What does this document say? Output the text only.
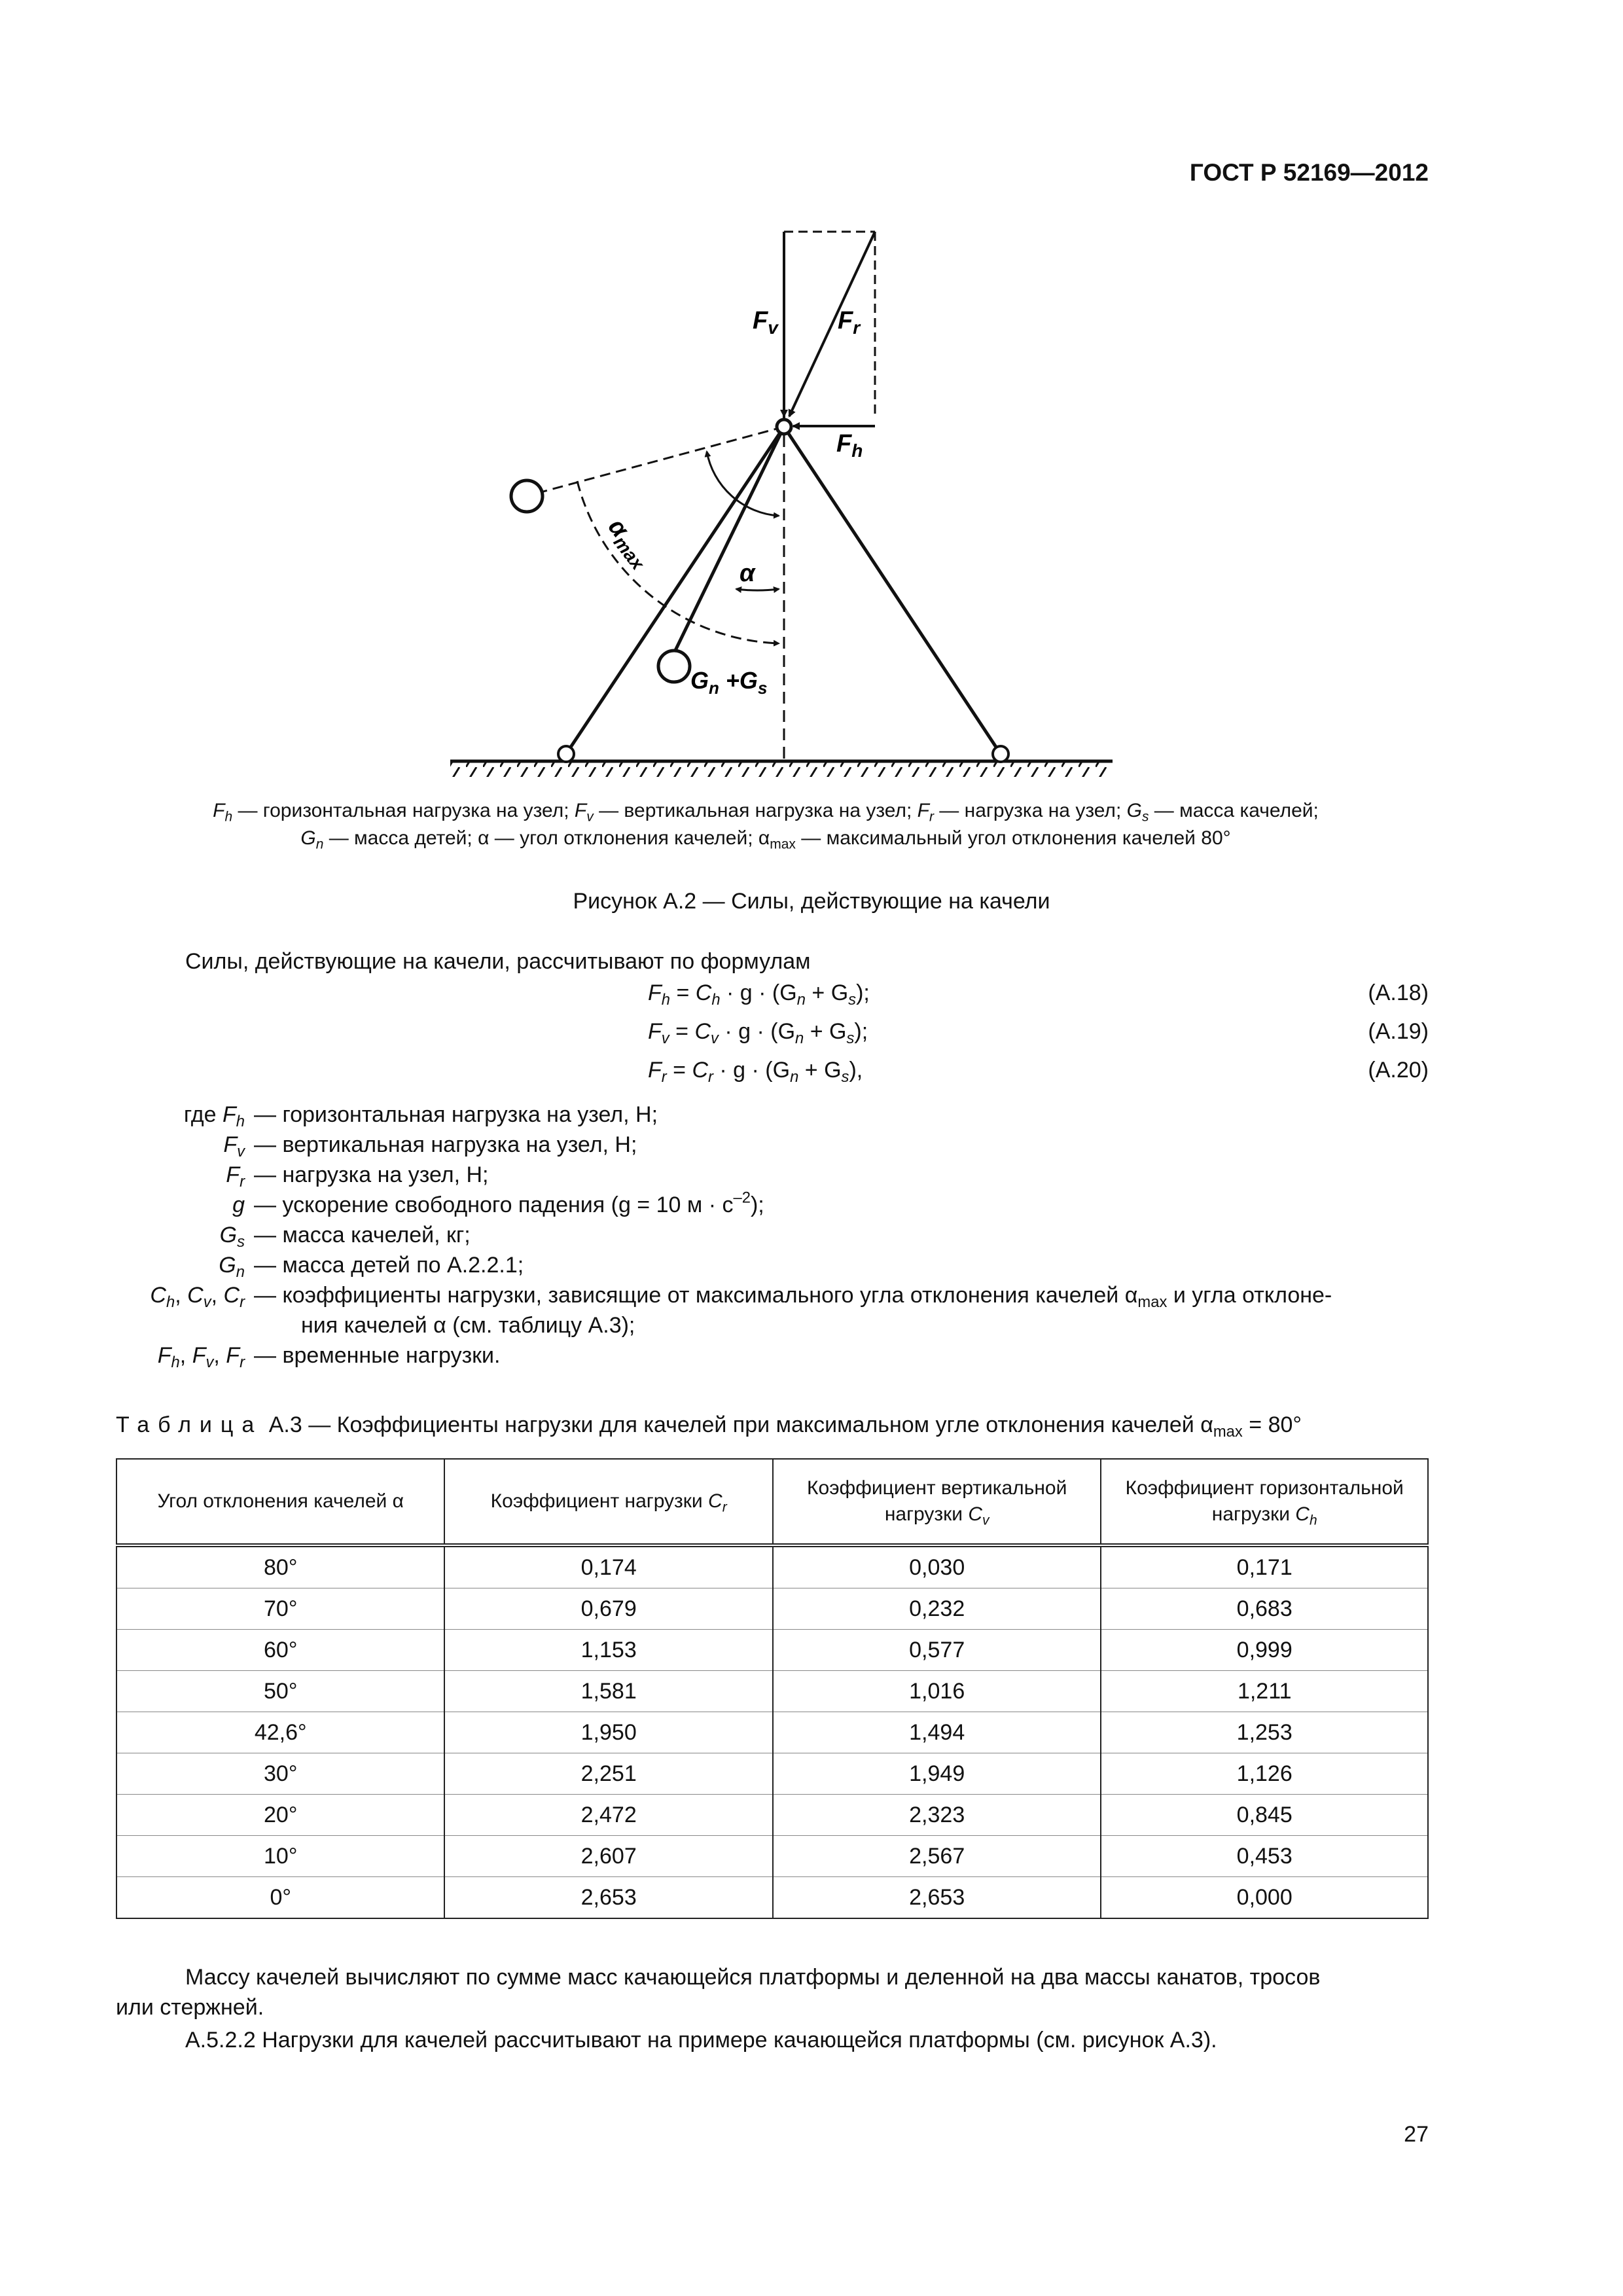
ГОСТ Р 52169—2012
$F_v$ $F_r$
$F_h$
$\alpha_{max}$	α
$G_n +G_s$
$F_h$ — горизонтальная нагрузка на узел; $F_v$ — вертикальная нагрузка на узел; $F_r$ — нагрузка на узел; $G_s$ — масса качелей;
$G_n$ — масса детей; α — угол отклонения качелей; $\alpha_{max}$ — максимальный угол отклонения качелей 80°
Рисунок А.2 — Силы, действующие на качели
Силы, действующие на качели, рассчитывают по формулам
$F_h = C_h \cdot g \cdot (G_n + G_s)$;	(А.18)
$F_v = C_v \cdot g \cdot (G_n + G_s)$;	(А.19)
$F_r = C_r \cdot g \cdot (G_n + G_s)$,	(А.20)
где $F_h$ — горизонтальная нагрузка на узел, Н;
$F_v$ — вертикальная нагрузка на узел, Н;
$F_r$ — нагрузка на узел, Н;
g — ускорение свободного падения (g = 10 $м \cdot с^{-2}$);
$G_s$ — масса качелей, кг;
$G_n$ — масса детей по А.2.2.1;
$C_h$, $C_v$, $C_r$ — коэффициенты нагрузки, зависящие от максимального угла отклонения качелей $\alpha_{max}$ и угла отклоне-
ния качелей α (см. таблицу А.3);
$F_h$, $F_v$, $F_r$ — временные нагрузки.
Таблица А.3 — Коэффициенты нагрузки для качелей при максимальном угле отклонения качелей $\alpha_{max} = 80^\circ$
Угол отклонения качелей α	Коэффициент нагрузки $C_r$	Коэффициент вертикальной нагрузки $C_v$	Коэффициент горизонтальной нагрузки $C_h$
80°	0,174	0,030	0,171
70°	0,679	0,232	0,683
60°	1,153	0,577	0,999
50°	1,581	1,016	1,211
42,6°	1,950	1,494	1,253
30°	2,251	1,949	1,126
20°	2,472	2,323	0,845
10°	2,607	2,567	0,453
0°	2,653	2,653	0,000
Массу качелей вычисляют по сумме масс качающейся платформы и деленной на два массы канатов, тросов
или стержней.
А.5.2.2 Нагрузки для качелей рассчитывают на примере качающейся платформы (см. рисунок А.3).
27
